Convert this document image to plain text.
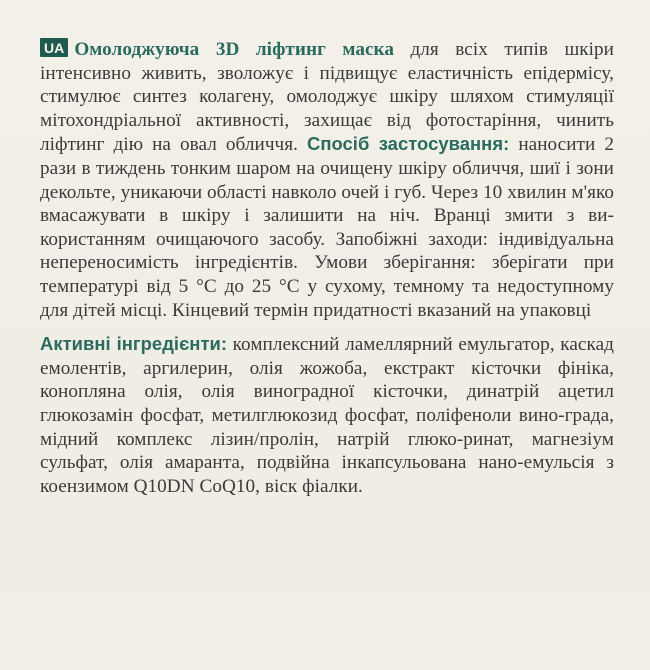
UA Омолоджуюча 3D ліфтинг маска для всіх типів шкіри інтенсивно живить, зволожує і підвищує еластичність епідермісу, стимулює синтез колагену, омолоджує шкіру шляхом стимуляції мітохондріальної активності, захищає від фотостаріння, чинить ліфтинг дію на овал обличчя. Спосіб застосування: наносити 2 рази в тиждень тонким шаром на очищену шкіру обличчя, шиї і зони декольте, уникаючи області навколо очей і губ. Через 10 хвилин м'яко вмасажувати в шкіру і залишити на ніч. Вранці змити з ви-користанням очищаючого засобу. Запобіжні заходи: індивідуальна непереносимість інгредієнтів. Умови зберігання: зберігати при температурі від 5 °C до 25 °C у сухому, темному та недоступному для дітей місці. Кінцевий термін придатності вказаний на упаковці

Активні інгредієнти: комплексний ламеллярний емульгатор, каскад емолентів, аргилерин, олія жожоба, екстракт кісточки фініка, конопляна олія, олія виноградної кісточки, динатрій ацетил глюкозамін фосфат, метилглюкозид фосфат, поліфеноли вино-града, мідний комплекс лізин/пролін, натрій глюко-ринат, магнезіум сульфат, олія амаранта, подвійна інкапсульована нано-емульсія з коензимом Q10DN CoQ10, віск фіалки.
